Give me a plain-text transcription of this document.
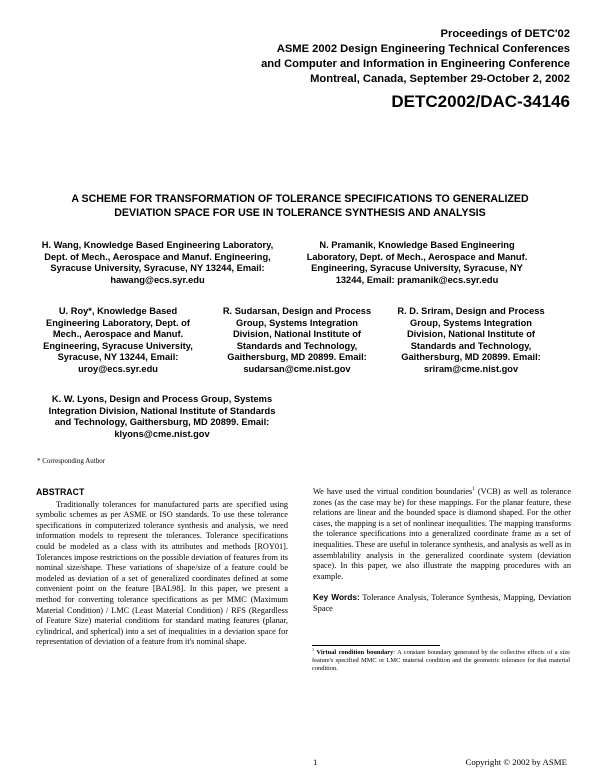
Proceedings of DETC'02
ASME 2002 Design Engineering Technical Conferences
and Computer and Information in Engineering Conference
Montreal, Canada, September 29-October 2, 2002
DETC2002/DAC-34146
A SCHEME FOR TRANSFORMATION OF TOLERANCE SPECIFICATIONS TO GENERALIZED
DEVIATION SPACE FOR USE IN TOLERANCE SYNTHESIS AND ANALYSIS
H. Wang, Knowledge Based Engineering Laboratory,
Dept. of Mech., Aerospace and Manuf. Engineering,
Syracuse University, Syracuse, NY 13244, Email:
hawang@ecs.syr.edu
N. Pramanik, Knowledge Based Engineering
Laboratory, Dept. of Mech., Aerospace and Manuf.
Engineering, Syracuse University, Syracuse, NY
13244, Email: pramanik@ecs.syr.edu
U. Roy*, Knowledge Based
Engineering Laboratory, Dept. of
Mech., Aerospace and Manuf.
Engineering, Syracuse University,
Syracuse, NY 13244, Email:
uroy@ecs.syr.edu
R. Sudarsan, Design and Process
Group, Systems Integration
Division, National Institute of
Standards and Technology,
Gaithersburg, MD 20899. Email:
sudarsan@cme.nist.gov
R. D. Sriram, Design and Process
Group, Systems Integration
Division, National Institute of
Standards and Technology,
Gaithersburg, MD 20899. Email:
sriram@cme.nist.gov
K. W. Lyons, Design and Process Group, Systems
Integration Division, National Institute of Standards
and Technology, Gaithersburg, MD 20899. Email:
klyons@cme.nist.gov
* Corresponding Author

ABSTRACT

Traditionally tolerances for manufactured parts are specified using symbolic schemes as per ASME or ISO standards. To use these tolerance specifications in computerized tolerance synthesis and analysis, we need information models to represent the tolerances. Tolerance specifications could be modeled as a class with its attributes and methods [ROY01]. Tolerances impose restrictions on the possible deviation of features from its nominal size/shape. These variations of shape/size of a feature could be modeled as deviation of a set of generalized coordinates defined at some convenient point on the feature [BAL98]. In this paper, we present a method for converting tolerance specifications as per MMC (Maximum Material Condition) / LMC (Least Material Condition) / RFS (Regardless of Feature Size) material conditions for standard mating features (planar, cylindrical, and spherical) into a set of inequalities in a deviation space for representation of deviation of a feature from it's nominal shape.

We have used the virtual condition boundaries$^1$ (VCB) as well as tolerance zones (as the case may be) for these mappings. For the planar feature, these relations are linear and the bounded space is diamond shaped. For the other cases, the mapping is a set of nonlinear inequalities. The mapping transforms the tolerance specifications into a generalized coordinate frame as a set of inequalities. These are useful in tolerance synthesis, and analysis as well as in assemblability analysis in the generalized coordinate system (deviation space). In this paper, we also illustrate the mapping procedures with an example.

Key Words: Tolerance Analysis, Tolerance Synthesis, Mapping, Deviation Space

$^1$ Virtual condition boundary: A constant boundary generated by the collective effects of a size feature's specified MMC or LMC material condition and the geometric tolerance for that material condition.
1	Copyright © 2002 by ASME
